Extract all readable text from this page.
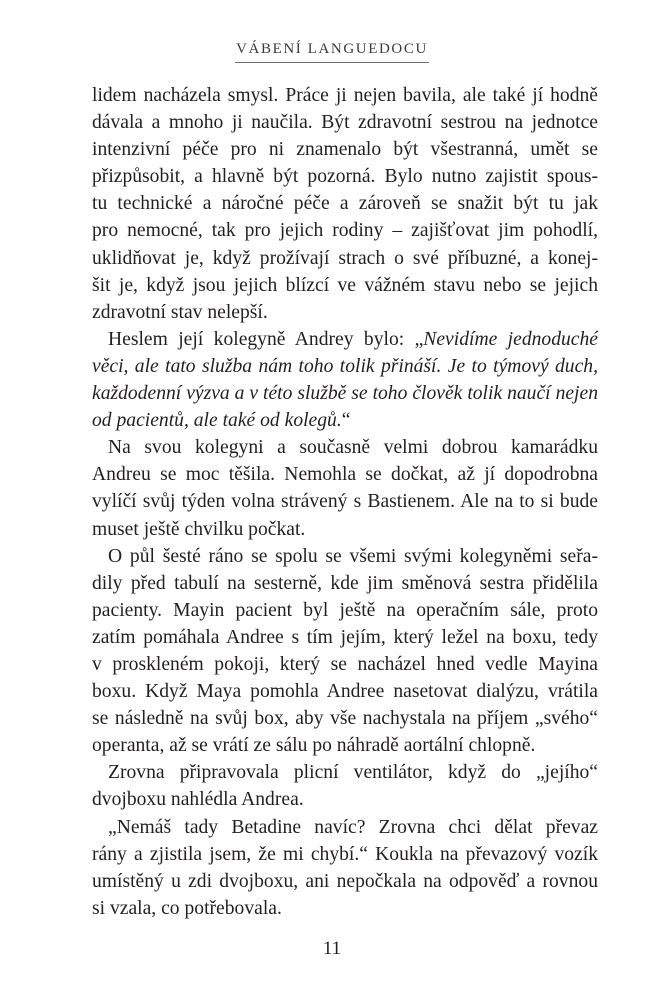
VÁBENÍ LANGUEDOCU
lidem nacházela smysl. Práce ji nejen bavila, ale také jí hodně
dávala a mnoho ji naučila. Být zdravotní sestrou na jednotce
intenzivní péče pro ni znamenalo být všestranná, umět se
přizpůsobit, a hlavně být pozorná. Bylo nutno zajistit spous-
tu technické a náročné péče a zároveň se snažit být tu jak
pro nemocné, tak pro jejich rodiny – zajišťovat jim pohodlí,
uklidňovat je, když prožívají strach o své příbuzné, a konej-
šit je, když jsou jejich blízcí ve vážném stavu nebo se jejich
zdravotní stav nelepší.
Heslem její kolegyně Andrey bylo: „Nevidíme jednoduché
věci, ale tato služba nám toho tolik přináší. Je to týmový duch,
každodenní výzva a v této službě se toho člověk tolik naučí nejen
od pacientů, ale také od kolegů.“
Na svou kolegyni a současně velmi dobrou kamarádku
Andreu se moc těšila. Nemohla se dočkat, až jí dopodrobna
vylíčí svůj týden volna strávený s Bastienem. Ale na to si bude
muset ještě chvilku počkat.
O půl šesté ráno se spolu se všemi svými kolegyněmi seřa-
dily před tabulí na sesterně, kde jim směnová sestra přidělila
pacienty. Mayin pacient byl ještě na operačním sále, proto
zatím pomáhala Andree s tím jejím, který ležel na boxu, tedy
v proskleném pokoji, který se nacházel hned vedle Mayina
boxu. Když Maya pomohla Andree nasetovat dialýzu, vrátila
se následně na svůj box, aby vše nachystala na příjem „svého“
operanta, až se vrátí ze sálu po náhradě aortální chlopně.
Zrovna připravovala plicní ventilátor, když do „jejího“
dvojboxu nahlédla Andrea.
„Nemáš tady Betadine navíc? Zrovna chci dělat převaz
rány a zjistila jsem, že mi chybí.“ Koukla na převazový vozík
umístěný u zdi dvojboxu, ani nepočkala na odpověď a rovnou
si vzala, co potřebovala.
11
